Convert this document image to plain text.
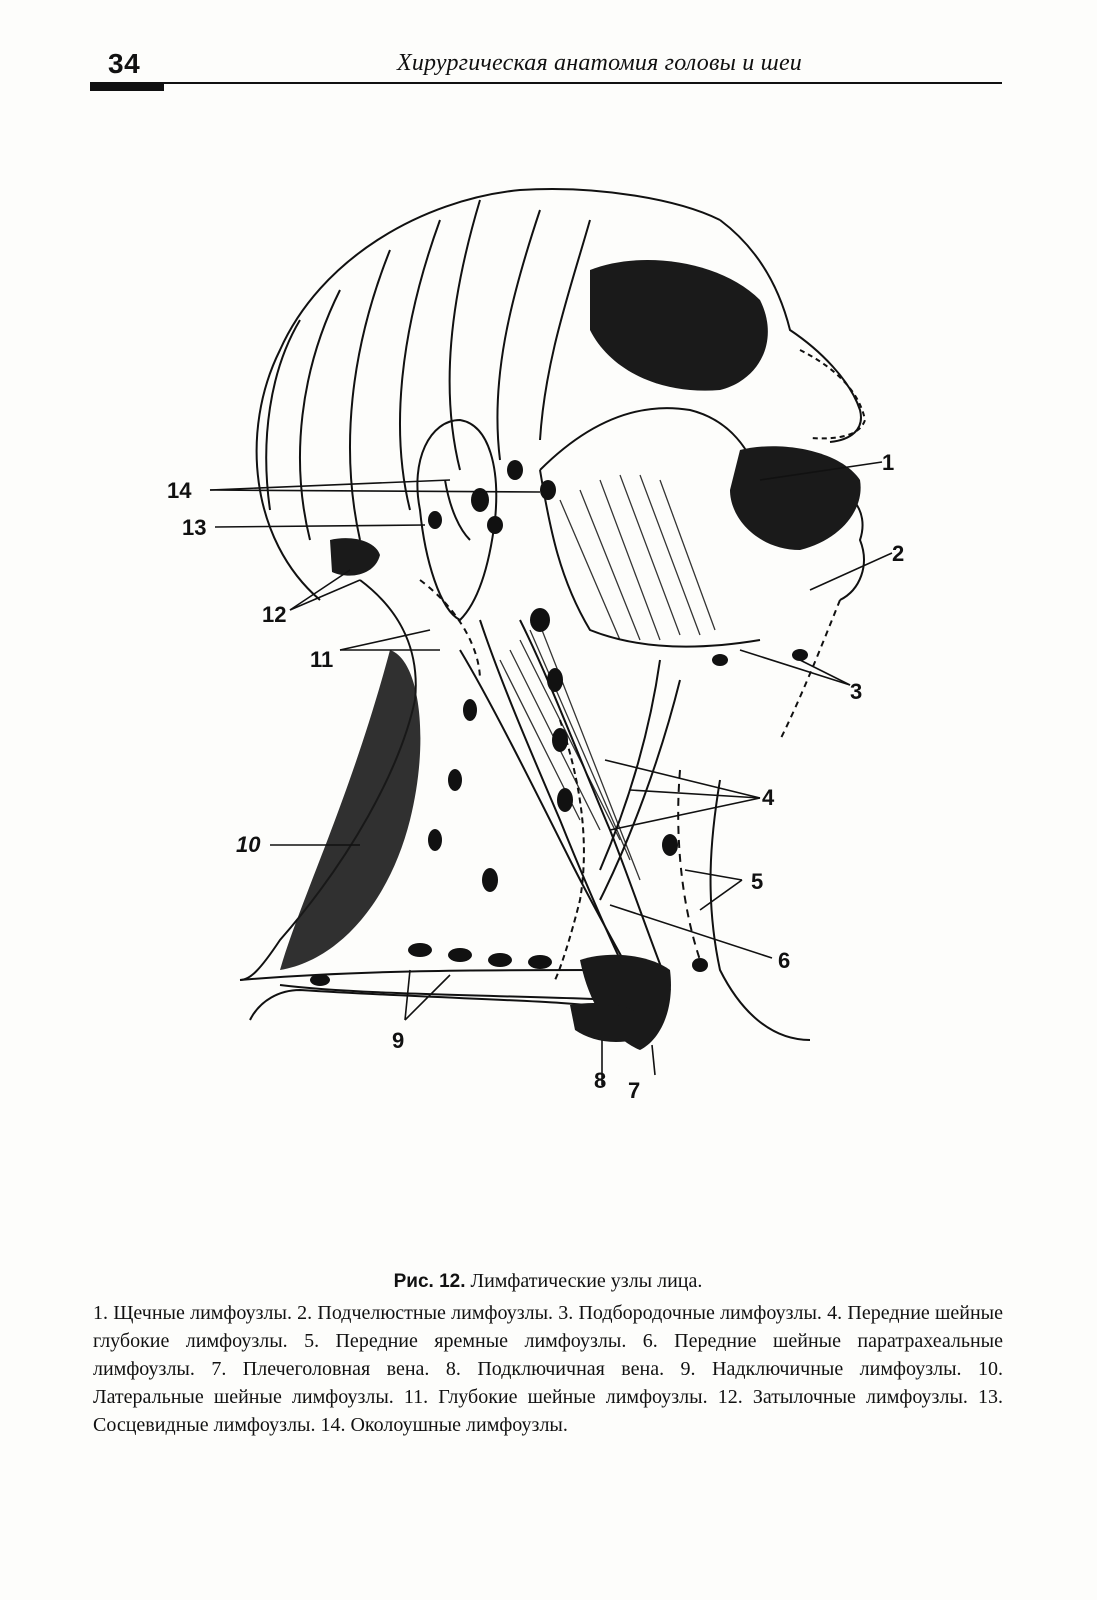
34	Хирургическая анатомия головы и шеи
1
2
3
4
5
6
7
8
9
10
11
12
13
14

Рис. 12. Лимфатические узлы лица.

1. Щечные лимфоузлы. 2. Подчелюстные лимфоузлы. 3. Подбородочные лимфоузлы. 4. Передние шейные глубокие лимфоузлы. 5. Передние яремные лимфоузлы. 6. Передние шейные паратрахеальные лимфоузлы. 7. Плечеголовная вена. 8. Подключичная вена. 9. Надключичные лимфоузлы. 10. Латеральные шейные лимфоузлы. 11. Глубокие шейные лимфоузлы. 12. Затылочные лимфоузлы. 13. Сосцевидные лимфоузлы. 14. Околоушные лимфоузлы.
